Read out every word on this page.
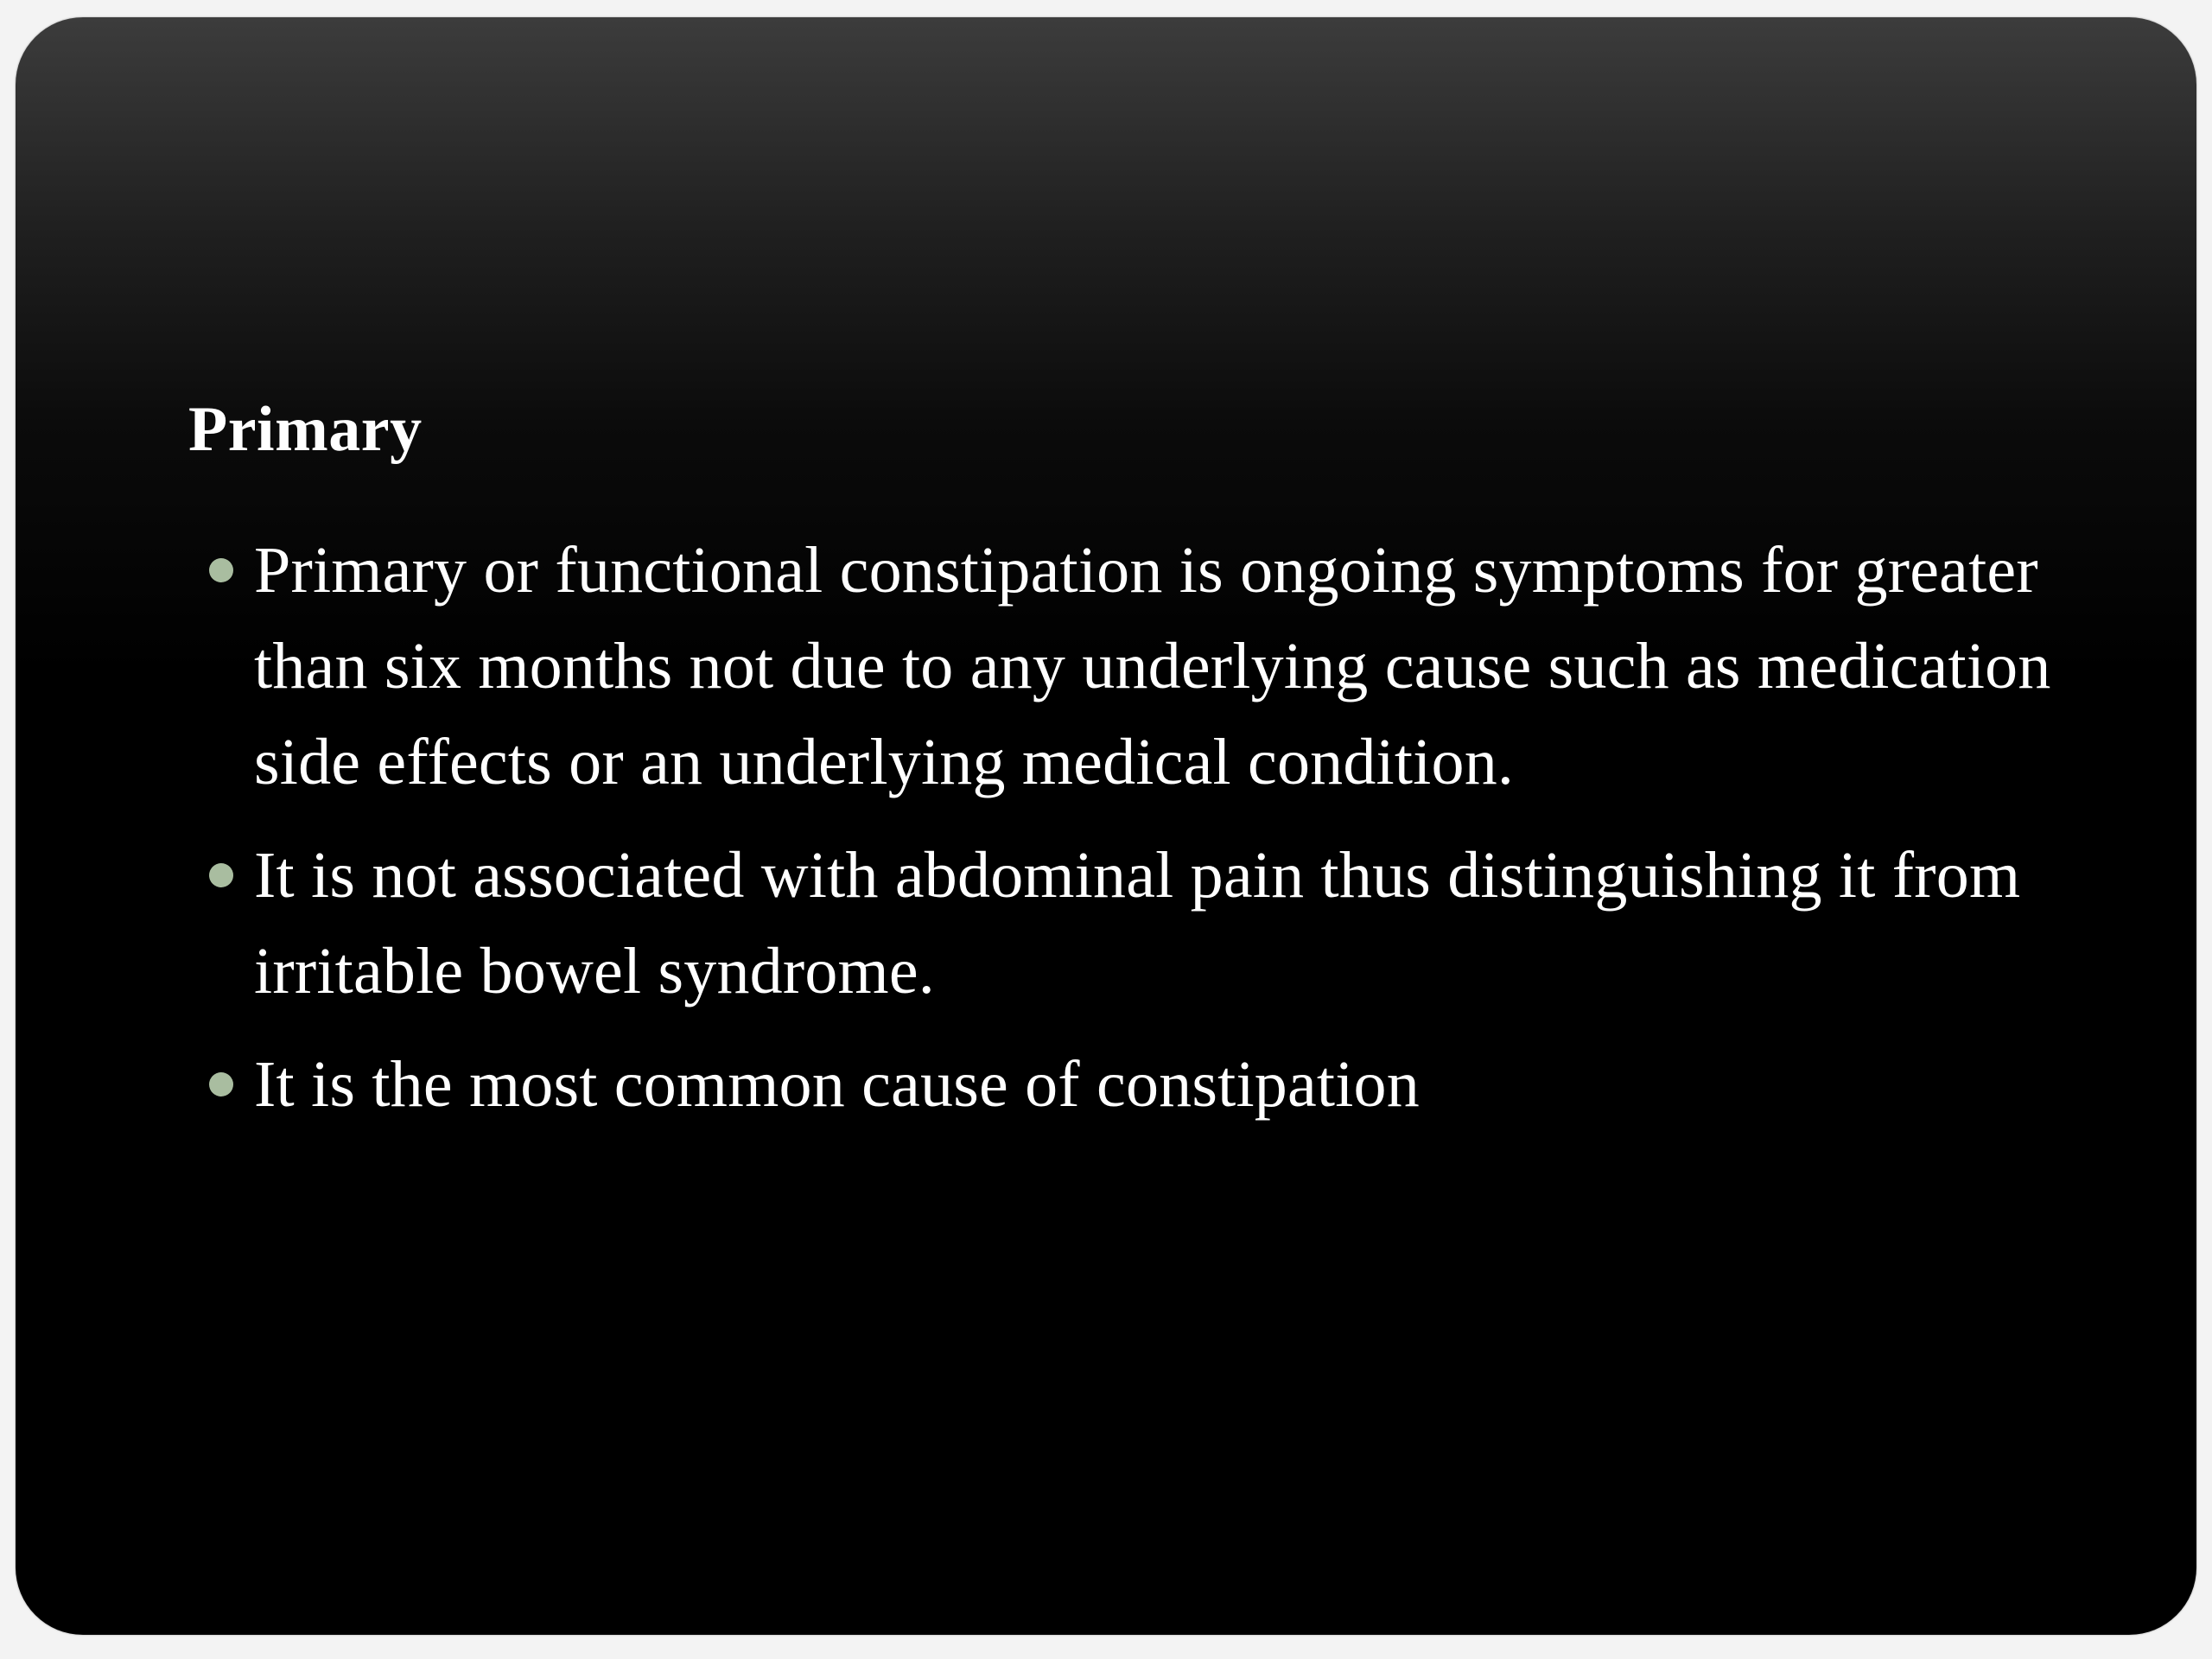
Primary
Primary or functional constipation is ongoing symptoms for greater than six months not due to any underlying cause such as medication side effects or an underlying medical condition.
It is not associated with abdominal pain thus distinguishing it from irritable bowel syndrome.
It is the most common cause of constipation
